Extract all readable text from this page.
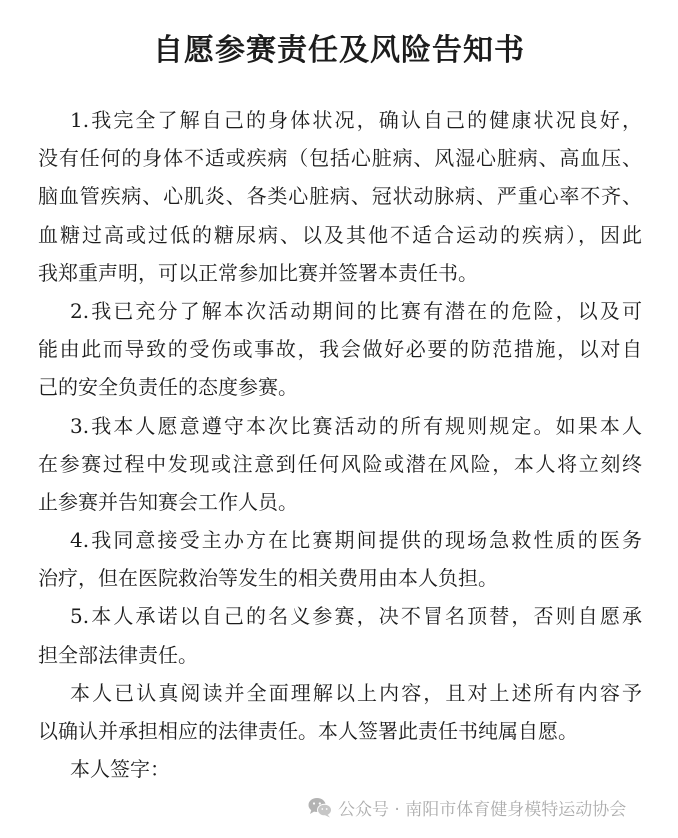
自愿参赛责任及风险告知书
1.我完全了解自己的身体状况，确认自己的健康状况良好，
没有任何的身体不适或疾病（包括心脏病、风湿心脏病、高血压、
脑血管疾病、心肌炎、各类心脏病、冠状动脉病、严重心率不齐、
血糖过高或过低的糖尿病、以及其他不适合运动的疾病），因此
我郑重声明，可以正常参加比赛并签署本责任书。
2.我已充分了解本次活动期间的比赛有潜在的危险，以及可
能由此而导致的受伤或事故，我会做好必要的防范措施，以对自
己的安全负责任的态度参赛。
3.我本人愿意遵守本次比赛活动的所有规则规定。如果本人
在参赛过程中发现或注意到任何风险或潜在风险，本人将立刻终
止参赛并告知赛会工作人员。
4.我同意接受主办方在比赛期间提供的现场急救性质的医务
治疗，但在医院救治等发生的相关费用由本人负担。
5.本人承诺以自己的名义参赛，决不冒名顶替，否则自愿承
担全部法律责任。
本人已认真阅读并全面理解以上内容，且对上述所有内容予
以确认并承担相应的法律责任。本人签署此责任书纯属自愿。
本人签字：
公众号 · 南阳市体育健身模特运动协会
